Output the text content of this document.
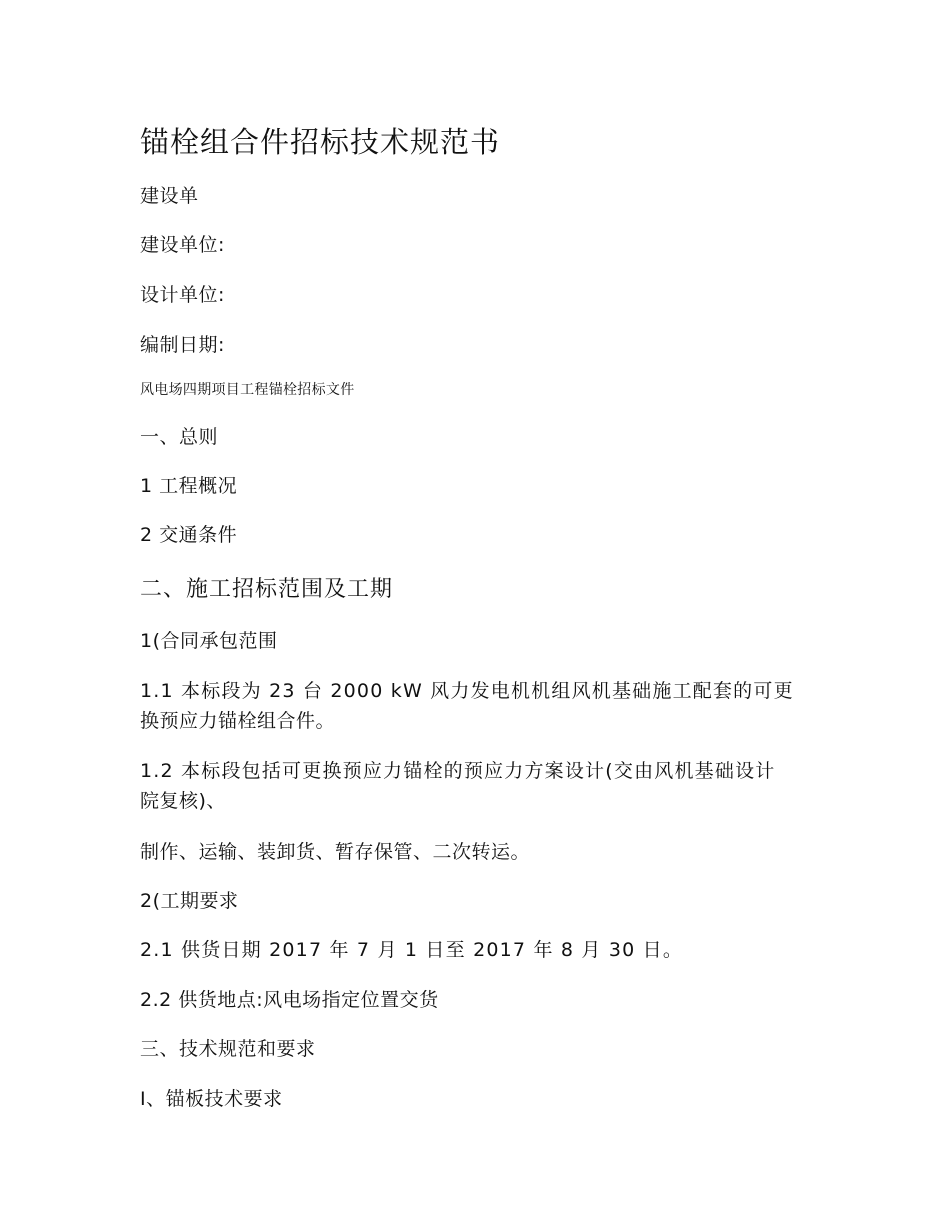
锚栓组合件招标技术规范书
建设单
建设单位:
设计单位:
编制日期:
风电场四期项目工程锚栓招标文件
一、总则
1 工程概况
2 交通条件
二、施工招标范围及工期
1(合同承包范围
1.1 本标段为 23 台 2000 kW 风力发电机机组风机基础施工配套的可更
换预应力锚栓组合件。
1.2 本标段包括可更换预应力锚栓的预应力方案设计(交由风机基础设计
院复核)、
制作、运输、装卸货、暂存保管、二次转运。
2(工期要求
2.1 供货日期 2017 年 7 月 1 日至 2017 年 8 月 30 日。
2.2 供货地点:风电场指定位置交货
三、技术规范和要求
I、锚板技术要求
